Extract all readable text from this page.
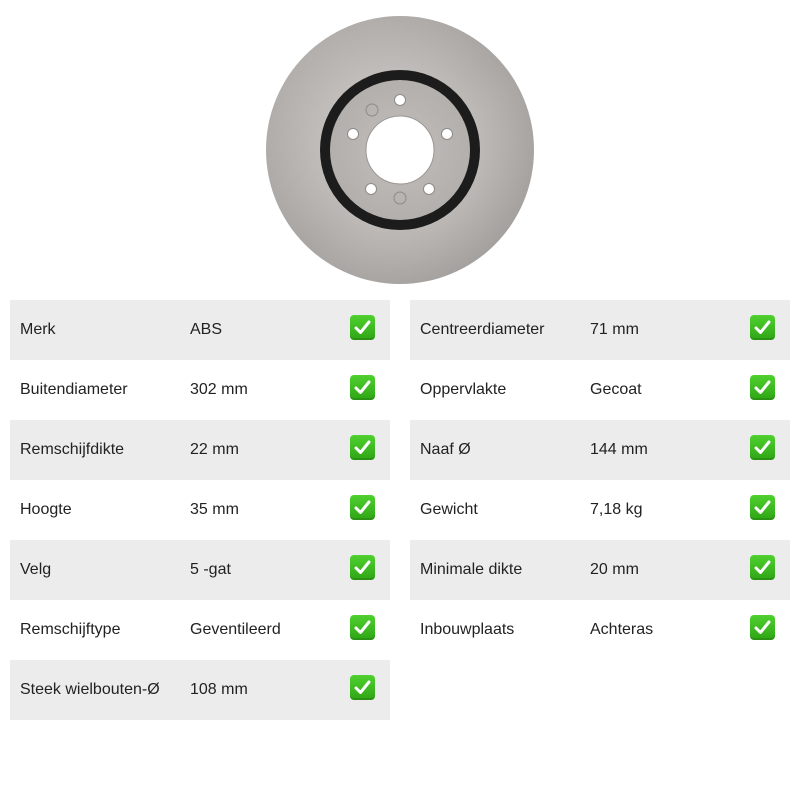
Merk	ABS
Buitendiameter	302 mm
Remschijfdikte	22 mm
Hoogte	35 mm
Velg	5 -gat
Remschijftype	Geventileerd
Steek wielbouten-Ø 108 mm
Centreerdiameter	71 mm
Oppervlakte	Gecoat
Naaf Ø	144 mm
Gewicht	7,18 kg
Minimale dikte	20 mm
Inbouwplaats	Achteras
